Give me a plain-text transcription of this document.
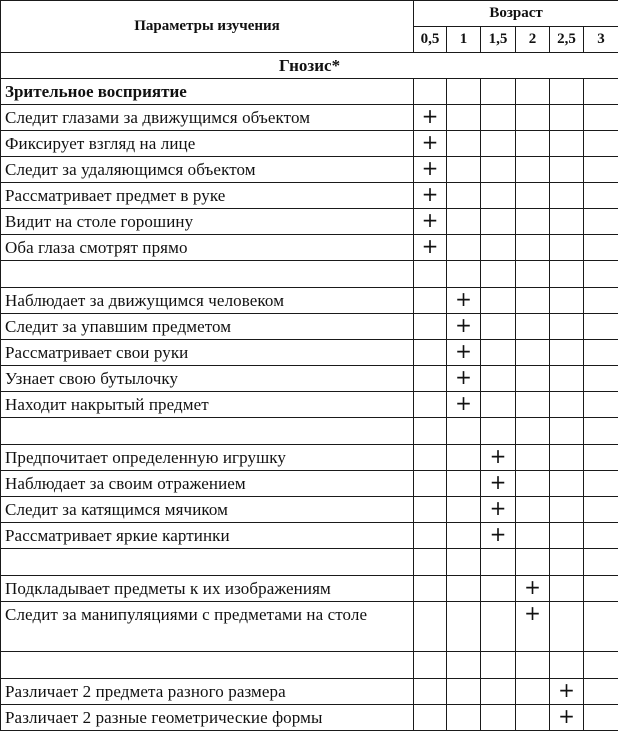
Параметры изучения	Возраст					
	0,5	1	1,5	2	2,5	3
Гнозис*						
Зрительное восприятие						
Следит глазами за движущимся объектом	+					
Фиксирует взгляд на лице	+					
Следит за удаляющимся объектом	+					
Рассматривает предмет в руке	+					
Видит на столе горошину	+					
Оба глаза смотрят прямо	+					

Наблюдает за движущимся человеком		+				
Следит за упавшим предметом		+				
Рассматривает свои руки		+				
Узнает свою бутылочку		+				
Находит накрытый предмет		+				

Предпочитает определенную игрушку			+			
Наблюдает за своим отражением			+			
Следит за катящимся мячиком			+			
Рассматривает яркие картинки			+			

Подкладывает предметы к их изображениям				+		
Следит за манипуляциями с предметами на столе				+		

Различает 2 предмета разного размера					+	
Различает 2 разные геометрические формы					+	
